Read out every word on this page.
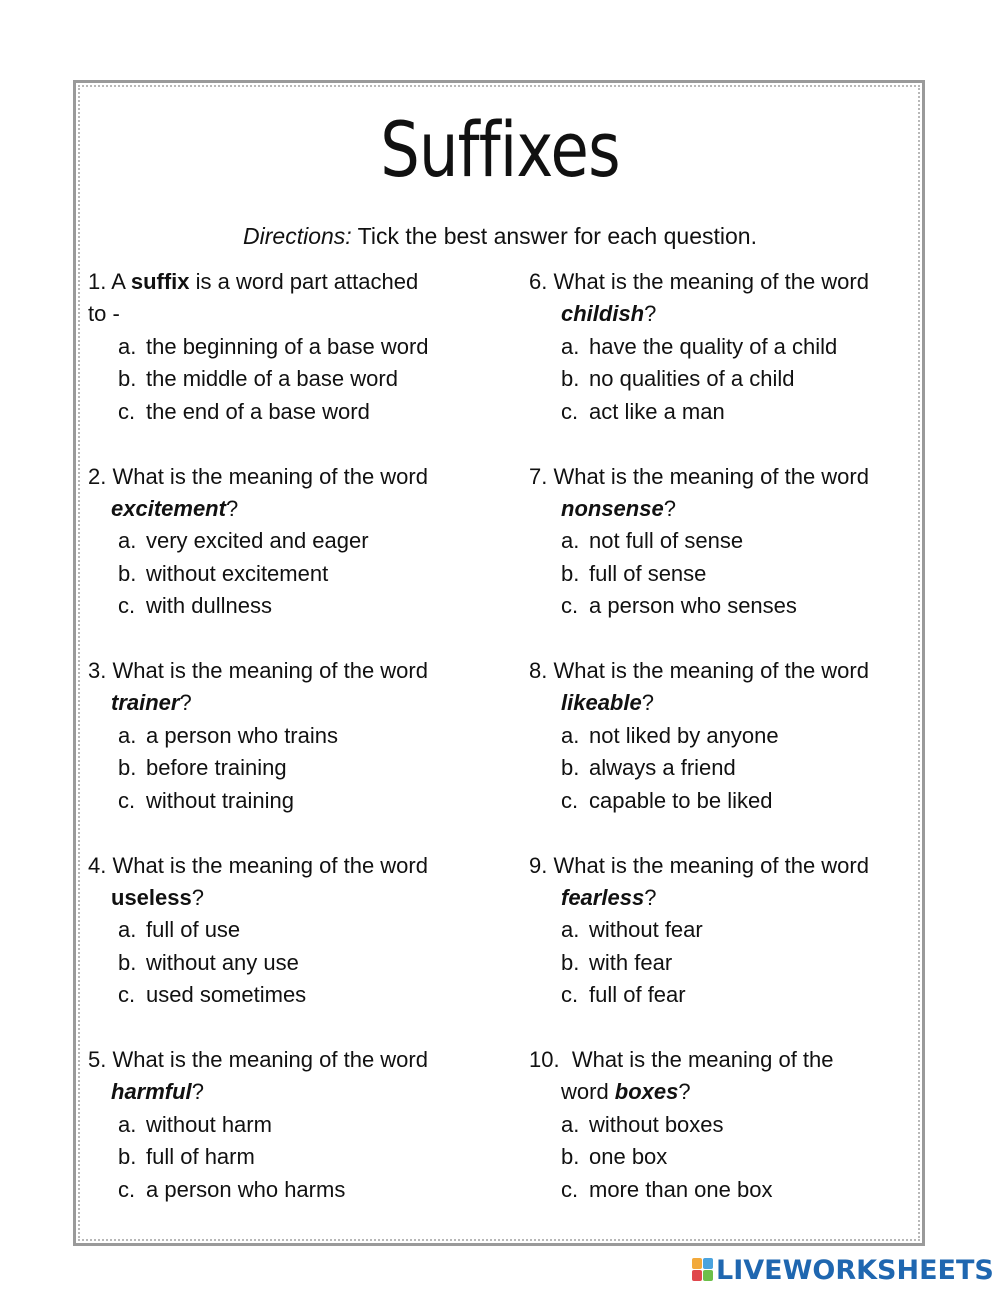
Suffixes
Directions: Tick the best answer for each question.
1. A suffix is a word part attached
to -
a. the beginning of a base word
b. the middle of a base word
c. the end of a base word
2. What is the meaning of the word
excitement?
a. very excited and eager
b. without excitement
c. with dullness
3. What is the meaning of the word
trainer?
a. a person who trains
b. before training
c. without training
4. What is the meaning of the word
useless?
a. full of use
b. without any use
c. used sometimes
5. What is the meaning of the word
harmful?
a. without harm
b. full of harm
c. a person who harms
6. What is the meaning of the word
childish?
a. have the quality of a child
b. no qualities of a child
c. act like a man
7. What is the meaning of the word
nonsense?
a. not full of sense
b. full of sense
c. a person who senses
8. What is the meaning of the word
likeable?
a. not liked by anyone
b. always a friend
c. capable to be liked
9. What is the meaning of the word
fearless?
a. without fear
b. with fear
c. full of fear
10.  What is the meaning of the
word boxes?
a. without boxes
b. one box
c. more than one box
LIVEWORKSHEETS
